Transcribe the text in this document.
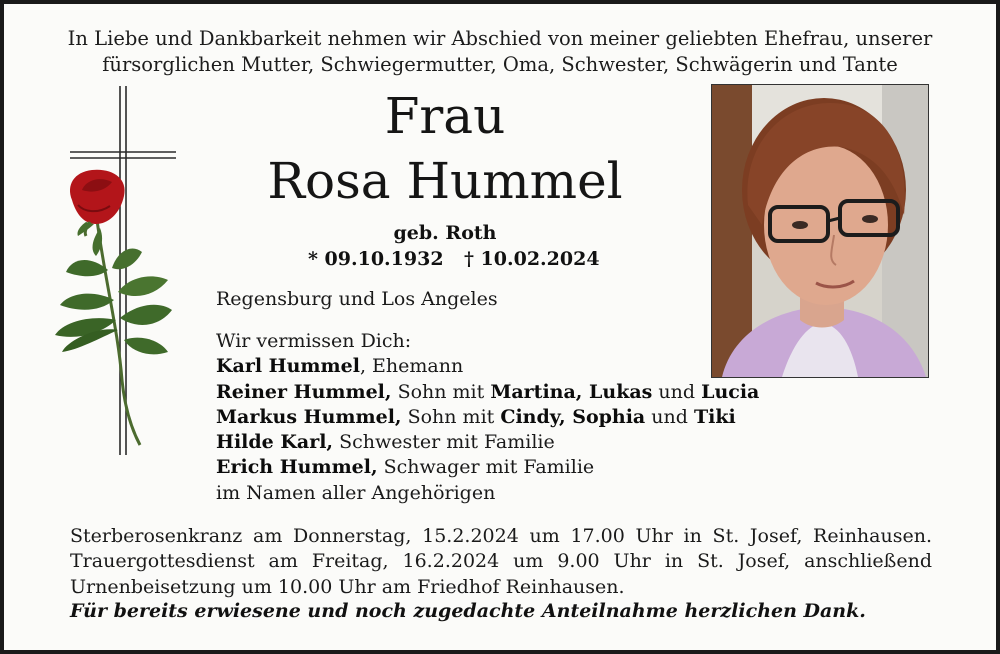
In Liebe und Dankbarkeit nehmen wir Abschied von meiner geliebten Ehefrau, unserer
fürsorglichen Mutter, Schwiegermutter, Oma, Schwester, Schwägerin und Tante
Frau
Rosa Hummel
geb. Roth
* 09.10.1932 † 10.02.2024
Regensburg und Los Angeles
Wir vermissen Dich:
Karl Hummel, Ehemann
Reiner Hummel, Sohn mit Martina, Lukas und Lucia
Markus Hummel, Sohn mit Cindy, Sophia und Tiki
Hilde Karl, Schwester mit Familie
Erich Hummel, Schwager mit Familie
im Namen aller Angehörigen
Sterberosenkranz am Donnerstag, 15.2.2024 um 17.00 Uhr in St. Josef, Reinhausen.
Trauergottesdienst am Freitag, 16.2.2024 um 9.00 Uhr in St. Josef, anschließend
Urnenbeisetzung um 10.00 Uhr am Friedhof Reinhausen.
Für bereits erwiesene und noch zugedachte Anteilnahme herzlichen Dank.
